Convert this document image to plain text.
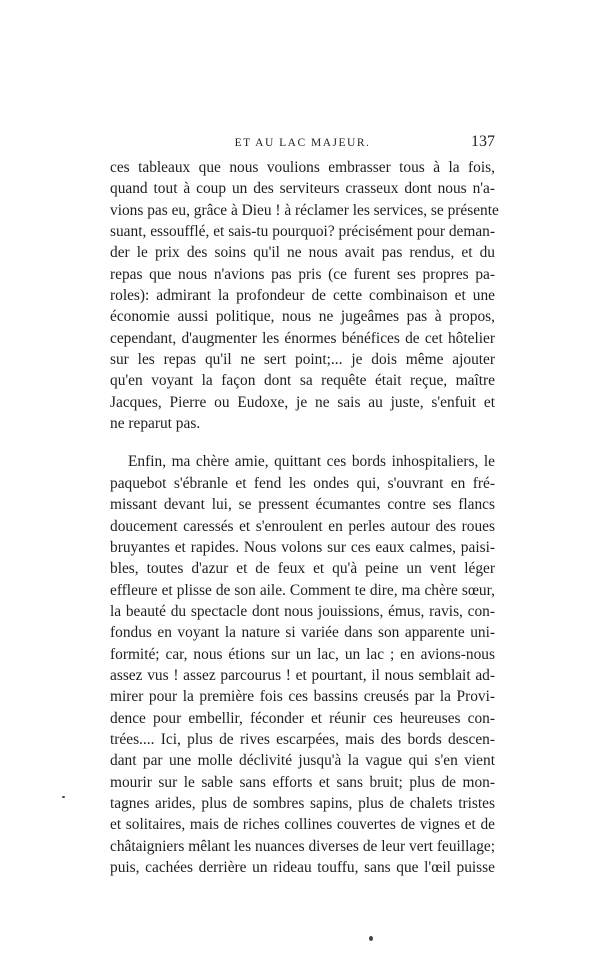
ET AU LAC MAJEUR.	137
ces tableaux que nous voulions embrasser tous à la fois,
quand tout à coup un des serviteurs crasseux dont nous n'a-
vions pas eu, grâce à Dieu ! à réclamer les services, se présente
suant, essoufflé, et sais-tu pourquoi? précisément pour deman-
der le prix des soins qu'il ne nous avait pas rendus, et du
repas que nous n'avions pas pris (ce furent ses propres pa-
roles): admirant la profondeur de cette combinaison et une
économie aussi politique, nous ne jugeâmes pas à propos,
cependant, d'augmenter les énormes bénéfices de cet hôtelier
sur les repas qu'il ne sert point;... je dois même ajouter
qu'en voyant la façon dont sa requête était reçue, maître
Jacques, Pierre ou Eudoxe, je ne sais au juste, s'enfuit et
ne reparut pas.
Enfin, ma chère amie, quittant ces bords inhospitaliers, le
paquebot s'ébranle et fend les ondes qui, s'ouvrant en fré-
missant devant lui, se pressent écumantes contre ses flancs
doucement caressés et s'enroulent en perles autour des roues
bruyantes et rapides. Nous volons sur ces eaux calmes, paisi-
bles, toutes d'azur et de feux et qu'à peine un vent léger
effleure et plisse de son aile. Comment te dire, ma chère sœur,
la beauté du spectacle dont nous jouissions, émus, ravis, con-
fondus en voyant la nature si variée dans son apparente uni-
formité; car, nous étions sur un lac, un lac ; en avions-nous
assez vus ! assez parcourus ! et pourtant, il nous semblait ad-
mirer pour la première fois ces bassins creusés par la Provi-
dence pour embellir, féconder et réunir ces heureuses con-
trées.... Ici, plus de rives escarpées, mais des bords descen-
dant par une molle déclivité jusqu'à la vague qui s'en vient
mourir sur le sable sans efforts et sans bruit; plus de mon-
tagnes arides, plus de sombres sapins, plus de chalets tristes
et solitaires, mais de riches collines couvertes de vignes et de
châtaigniers mêlant les nuances diverses de leur vert feuillage;
puis, cachées derrière un rideau touffu, sans que l'œil puisse
